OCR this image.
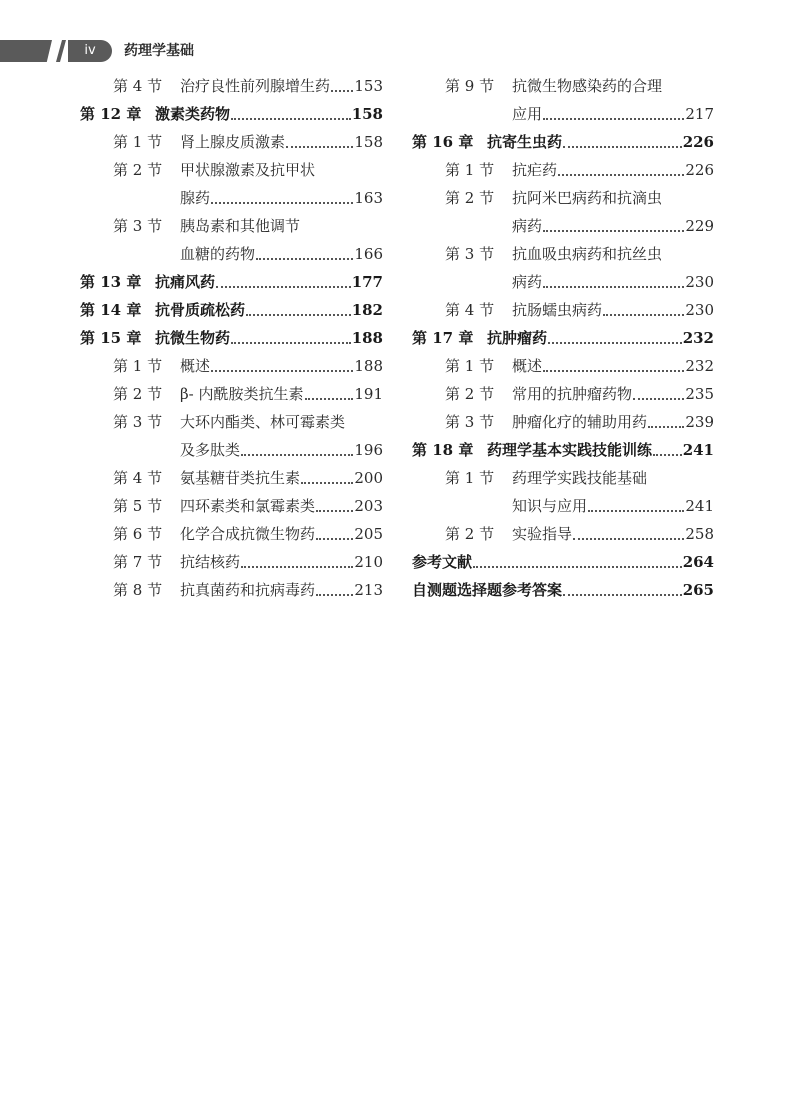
iv	药理学基础
第 4 节	治疗良性前列腺增生药 153
第 12 章 激素类药物	158
第 1 节	肾上腺皮质激素	158
第 2 节	甲状腺激素及抗甲状
腺药	163
第 3 节	胰岛素和其他调节
血糖的药物	166
第 13 章 抗痛风药	177
第 14 章 抗骨质疏松药	182
第 15 章 抗微生物药	188
第 1 节	概述	188
第 2 节	β- 内酰胺类抗生素	191
第 3 节	大环内酯类、林可霉素类
及多肽类	196
第 4 节	氨基糖苷类抗生素	200
第 5 节	四环素类和氯霉素类	203
第 6 节	化学合成抗微生物药	205
第 7 节	抗结核药	210
第 8 节	抗真菌药和抗病毒药	213
第 9 节	抗微生物感染药的合理
应用	217
第 16 章 抗寄生虫药	226
第 1 节	抗疟药	226
第 2 节	抗阿米巴病药和抗滴虫
病药	229
第 3 节	抗血吸虫病药和抗丝虫
病药	230
第 4 节	抗肠蠕虫病药	230
第 17 章 抗肿瘤药	232
第 1 节	概述	232
第 2 节	常用的抗肿瘤药物	235
第 3 节	肿瘤化疗的辅助用药	239
第 18 章 药理学基本实践技能训练 241
第 1 节	药理学实践技能基础
知识与应用	241
第 2 节	实验指导	258
参考文献	264
自测题选择题参考答案	265
